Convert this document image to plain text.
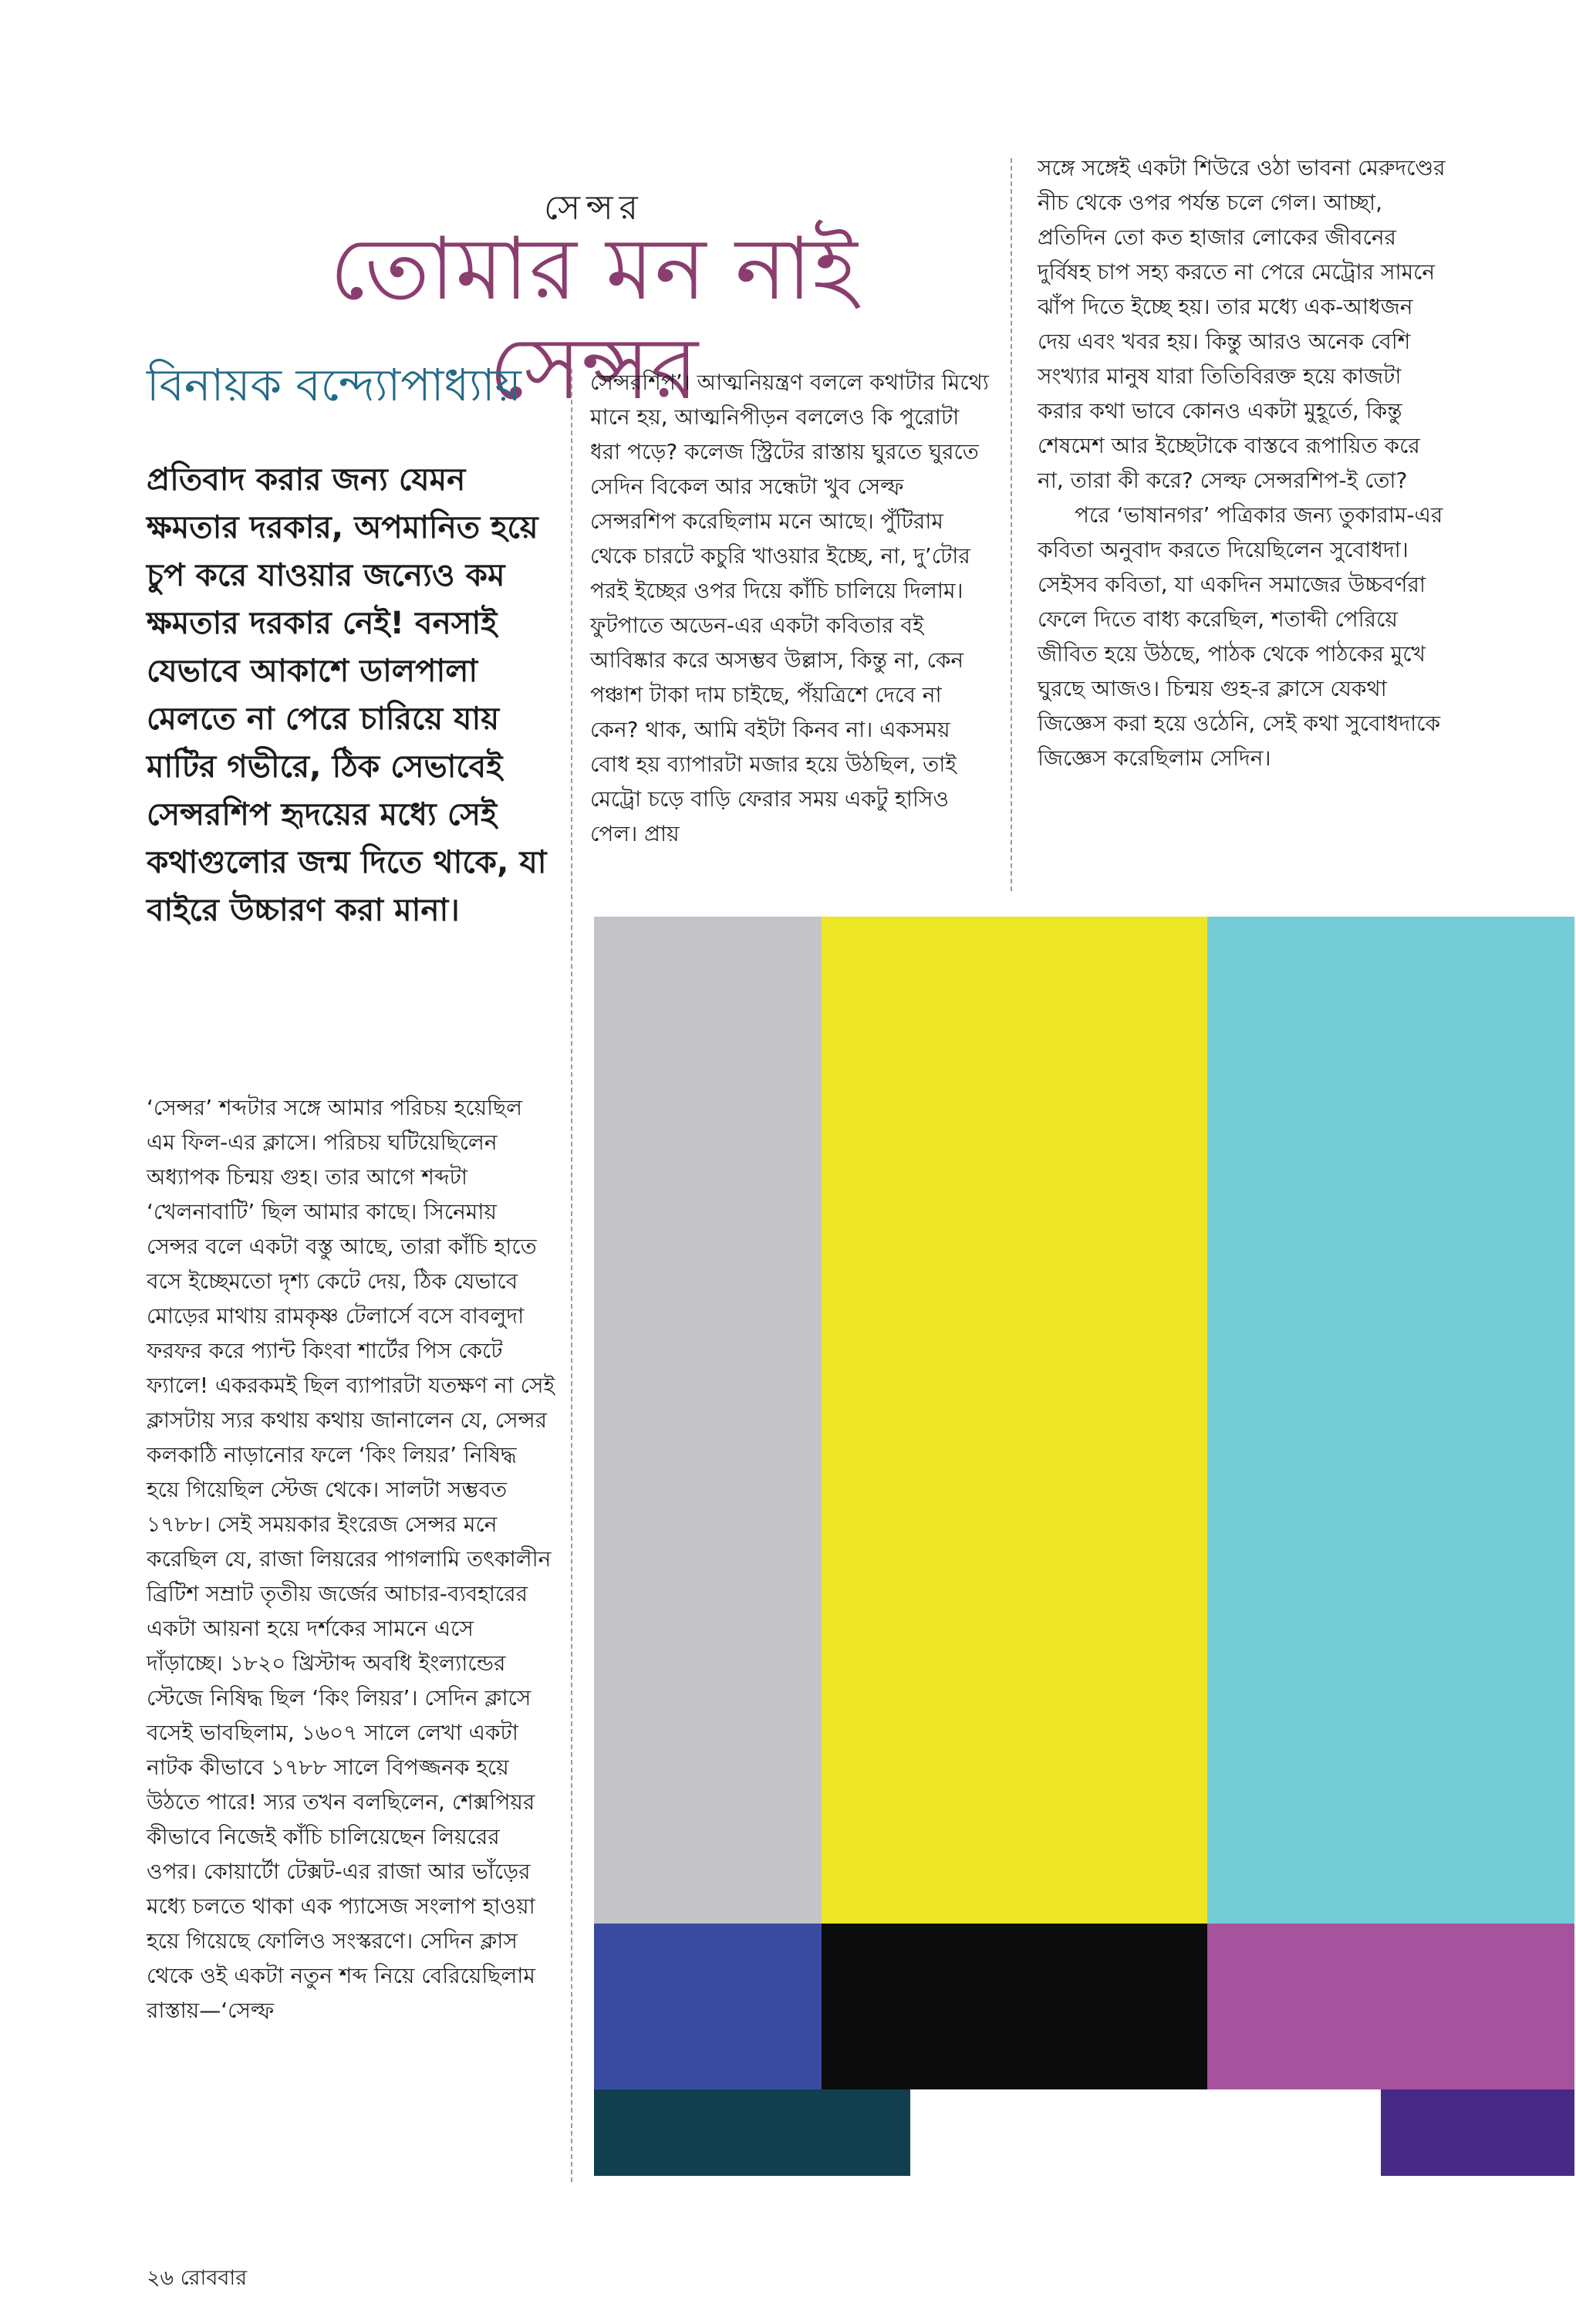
সেন্সর
তোমার মন নাই সেন্সর
বিনায়ক বন্দ্যোপাধ্যায়
প্রতিবাদ করার জন্য যেমন ক্ষমতার দরকার, অপমানিত হয়ে চুপ করে যাওয়ার জন্যেও কম ক্ষমতার দরকার নেই! বনসাই যেভাবে আকাশে ডালপালা মেলতে না পেরে চারিয়ে যায় মাটির গভীরে, ঠিক সেভাবেই সেন্সরশিপ হৃদয়ের মধ্যে সেই কথাগুলোর জন্ম দিতে থাকে, যা বাইরে উচ্চারণ করা মানা।
‘সেন্সর’ শব্দটার সঙ্গে আমার পরিচয় হয়েছিল এম ফিল-এর ক্লাসে। পরিচয় ঘটিয়েছিলেন অধ্যাপক চিন্ময় গুহ। তার আগে শব্দটা ‘খেলনাবাটি’ ছিল আমার কাছে। সিনেমায় সেন্সর বলে একটা বস্তু আছে, তারা কাঁচি হাতে বসে ইচ্ছেমতো দৃশ্য কেটে দেয়, ঠিক যেভাবে মোড়ের মাথায় রামকৃষ্ণ টেলার্সে বসে বাবলুদা ফরফর করে প্যান্ট কিংবা শার্টের পিস কেটে ফ্যালে! একরকমই ছিল ব্যাপারটা যতক্ষণ না সেই ক্লাসটায় স্যর কথায় কথায় জানালেন যে, সেন্সর কলকাঠি নাড়ানোর ফলে ‘কিং লিয়র’ নিষিদ্ধ হয়ে গিয়েছিল স্টেজ থেকে। সালটা সম্ভবত ১৭৮৮। সেই সময়কার ইংরেজ সেন্সর মনে করেছিল যে, রাজা লিয়রের পাগলামি তৎকালীন ব্রিটিশ সম্রাট তৃতীয় জর্জের আচার-ব্যবহারের একটা আয়না হয়ে দর্শকের সামনে এসে দাঁড়াচ্ছে। ১৮২০ খ্রিস্টাব্দ অবধি ইংল্যান্ডের স্টেজে নিষিদ্ধ ছিল ‘কিং লিয়র’। সেদিন ক্লাসে বসেই ভাবছিলাম, ১৬০৭ সালে লেখা একটা নাটক কীভাবে ১৭৮৮ সালে বিপজ্জনক হয়ে উঠতে পারে! স্যর তখন বলছিলেন, শেক্সপিয়র কীভাবে নিজেই কাঁচি চালিয়েছেন লিয়রের ওপর। কোয়ার্টো টেক্সট-এর রাজা আর ভাঁড়ের মধ্যে চলতে থাকা এক প্যাসেজ সংলাপ হাওয়া হয়ে গিয়েছে ফোলিও সংস্করণে। সেদিন ক্লাস থেকে ওই একটা নতুন শব্দ নিয়ে বেরিয়েছিলাম রাস্তায়—‘সেল্ফ
সেন্সরশিপ’। আত্মনিয়ন্ত্রণ বললে কথাটার মিথ্যে মানে হয়, আত্মনিপীড়ন বললেও কি পুরোটা ধরা পড়ে? কলেজ স্ট্রিটের রাস্তায় ঘুরতে ঘুরতে সেদিন বিকেল আর সন্ধেটা খুব সেল্ফ সেন্সরশিপ করেছিলাম মনে আছে। পুঁটিরাম থেকে চারটে কচুরি খাওয়ার ইচ্ছে, না, দু’টোর পরই ইচ্ছের ওপর দিয়ে কাঁচি চালিয়ে দিলাম। ফুটপাতে অডেন-এর একটা কবিতার বই আবিষ্কার করে অসম্ভব উল্লাস, কিন্তু না, কেন পঞ্চাশ টাকা দাম চাইছে, পঁয়ত্রিশে দেবে না কেন? থাক, আমি বইটা কিনব না। একসময় বোধ হয় ব্যাপারটা মজার হয়ে উঠছিল, তাই মেট্রো চড়ে বাড়ি ফেরার সময় একটু হাসিও পেল। প্রায়

সঙ্গে সঙ্গেই একটা শিউরে ওঠা ভাবনা মেরুদণ্ডের নীচ থেকে ওপর পর্যন্ত চলে গেল। আচ্ছা, প্রতিদিন তো কত হাজার লোকের জীবনের দুর্বিষহ চাপ সহ্য করতে না পেরে মেট্রোর সামনে ঝাঁপ দিতে ইচ্ছে হয়। তার মধ্যে এক-আধজন দেয় এবং খবর হয়। কিন্তু আরও অনেক বেশি সংখ্যার মানুষ যারা তিতিবিরক্ত হয়ে কাজটা করার কথা ভাবে কোনও একটা মুহূর্তে, কিন্তু শেষমেশ আর ইচ্ছেটাকে বাস্তবে রূপায়িত করে না, তারা কী করে? সেল্ফ সেন্সরশিপ-ই তো?

পরে ‘ভাষানগর’ পত্রিকার জন্য তুকারাম-এর কবিতা অনুবাদ করতে দিয়েছিলেন সুবোধদা। সেইসব কবিতা, যা একদিন সমাজের উচ্চবর্ণরা ফেলে দিতে বাধ্য করেছিল, শতাব্দী পেরিয়ে জীবিত হয়ে উঠছে, পাঠক থেকে পাঠকের মুখে ঘুরছে আজও। চিন্ময় গুহ-র ক্লাসে যেকথা জিজ্ঞেস করা হয়ে ওঠেনি, সেই কথা সুবোধদাকে জিজ্ঞেস করেছিলাম সেদিন।

২৬ রোববার
